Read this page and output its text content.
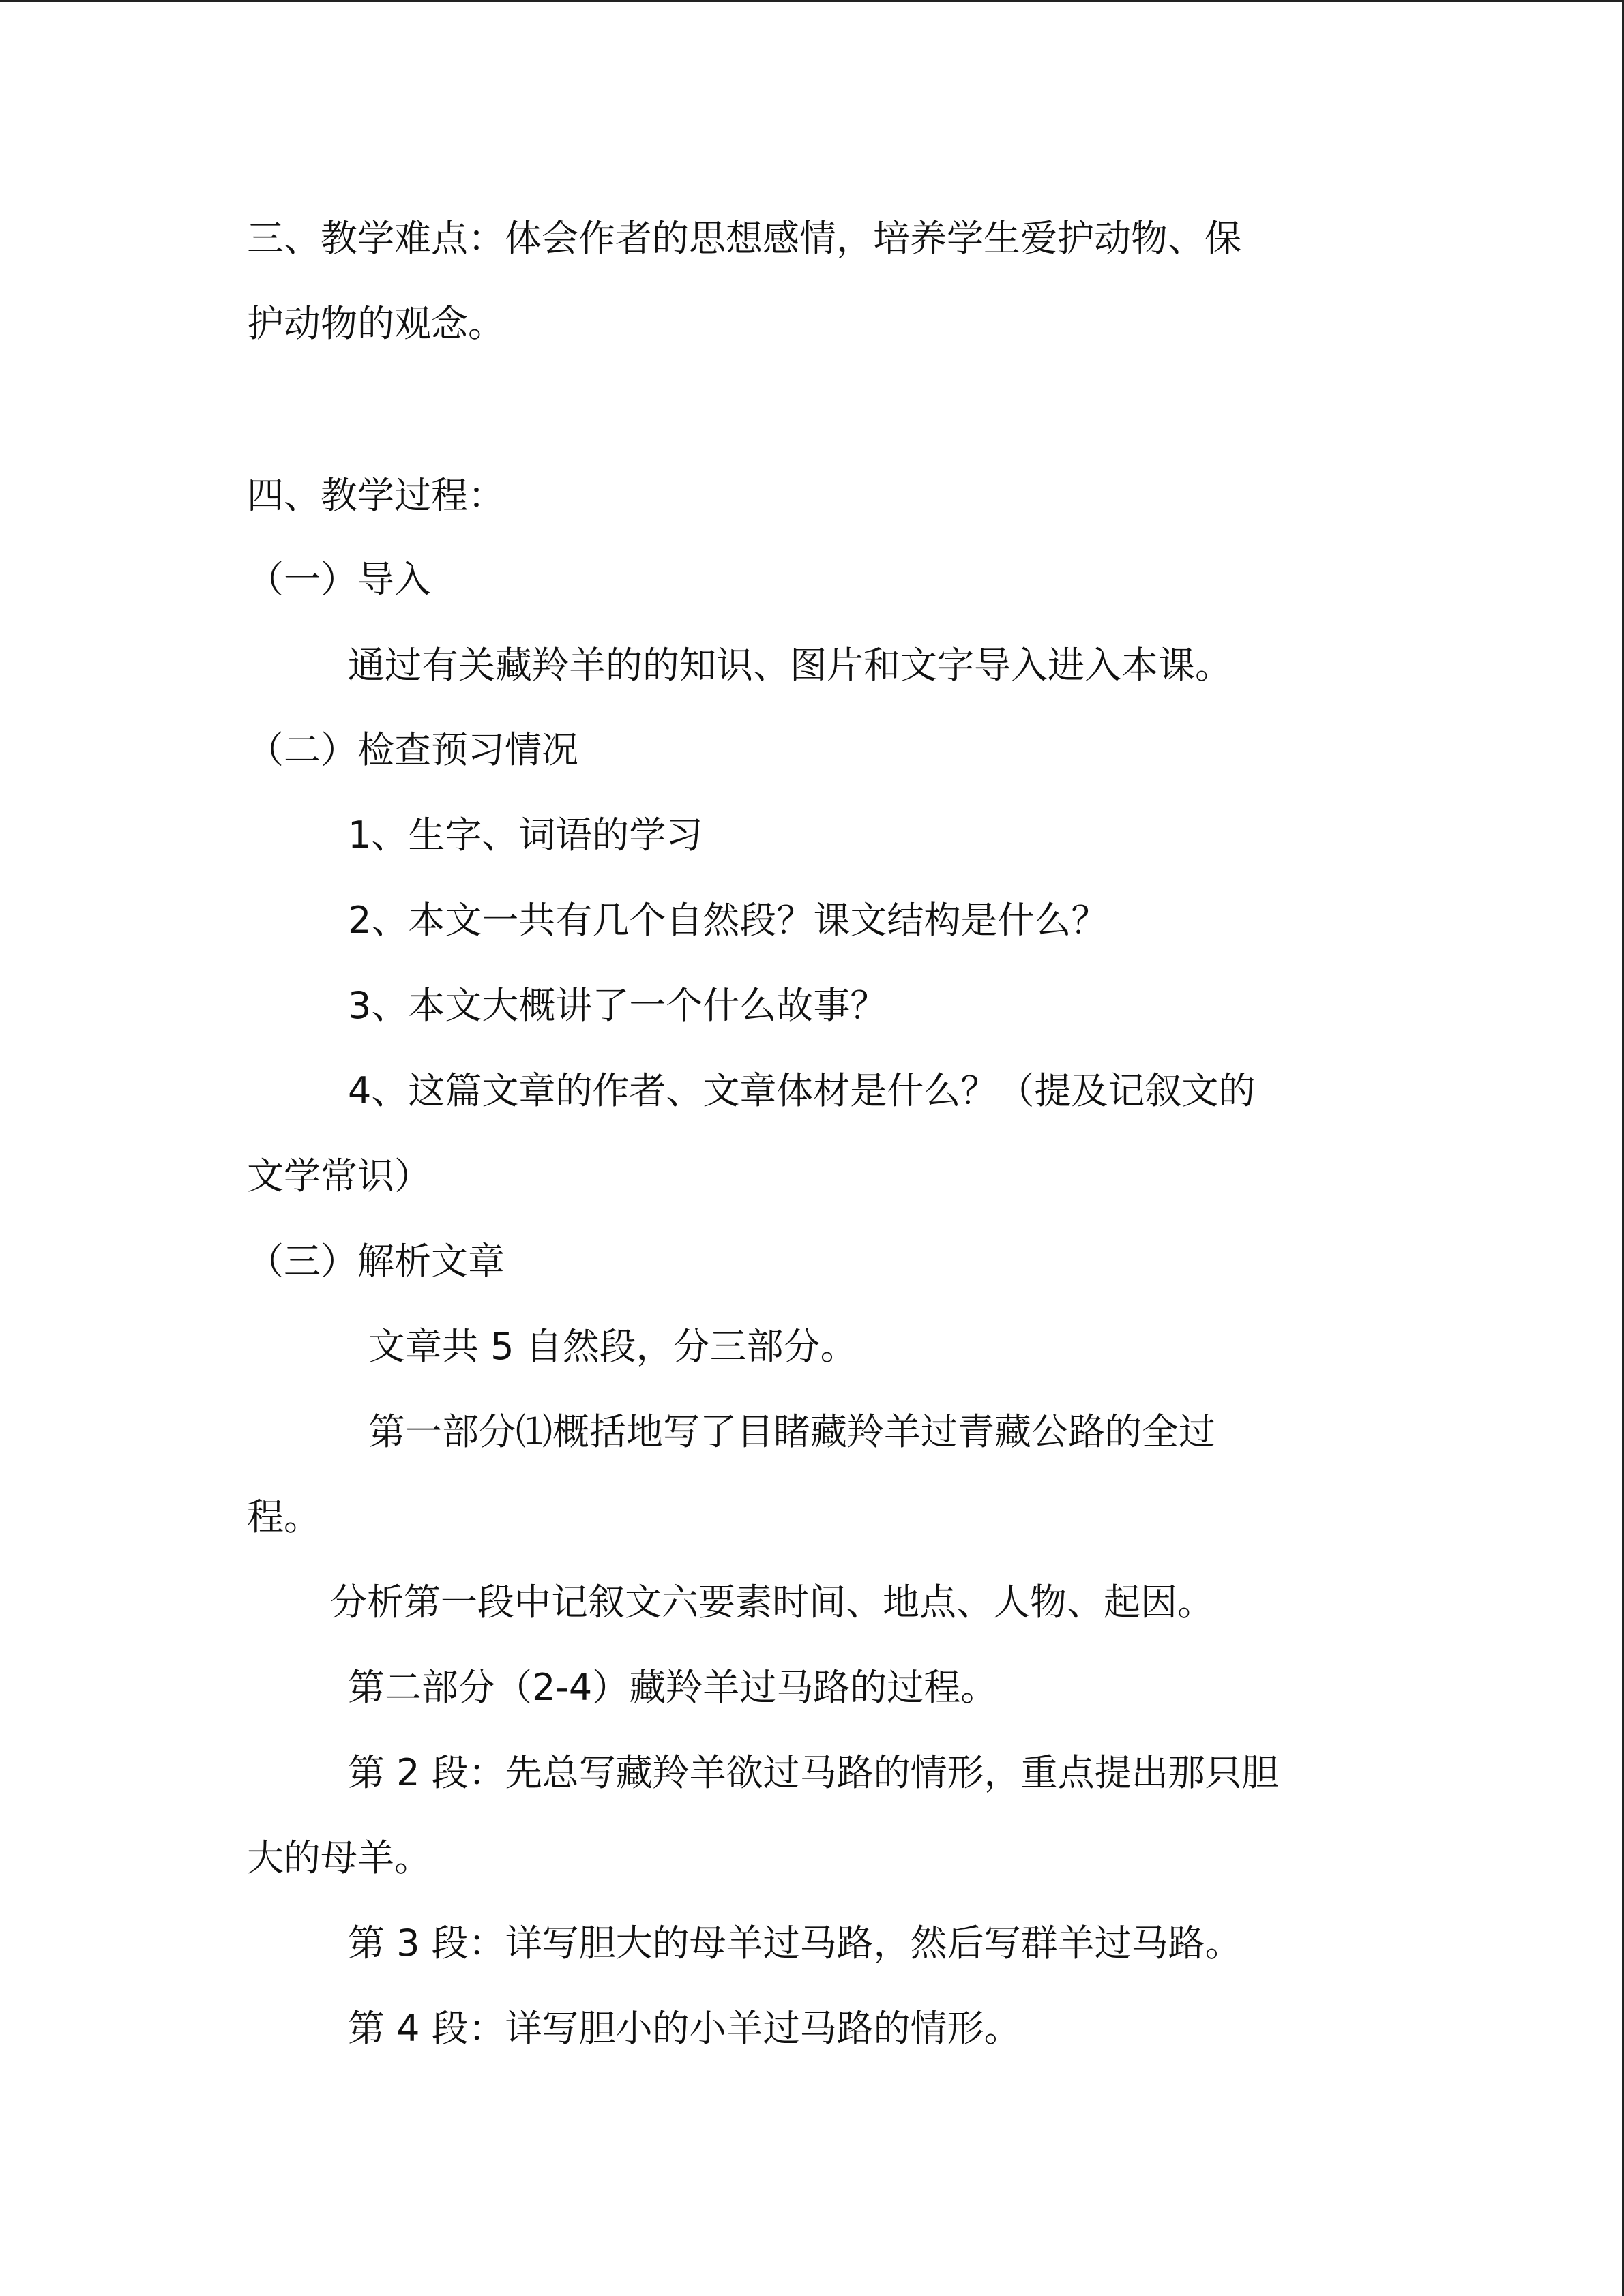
三、教学难点：体会作者的思想感情，培养学生爱护动物、保
护动物的观念。
四、教学过程：
（一）导入
通过有关藏羚羊的的知识、图片和文字导入进入本课。
（二）检查预习情况
1、生字、词语的学习
2、本文一共有几个自然段？课文结构是什么？
3、本文大概讲了一个什么故事？
4、这篇文章的作者、文章体材是什么？（提及记叙文的
文学常识）
（三）解析文章
文章共 5 自然段，分三部分。
第一部分⑴概括地写了目睹藏羚羊过青藏公路的全过
程。
分析第一段中记叙文六要素时间、地点、人物、起因。
第二部分（2-4）藏羚羊过马路的过程。
第 2 段：先总写藏羚羊欲过马路的情形，重点提出那只胆
大的母羊。
第 3 段：详写胆大的母羊过马路，然后写群羊过马路。
第 4 段：详写胆小的小羊过马路的情形。
